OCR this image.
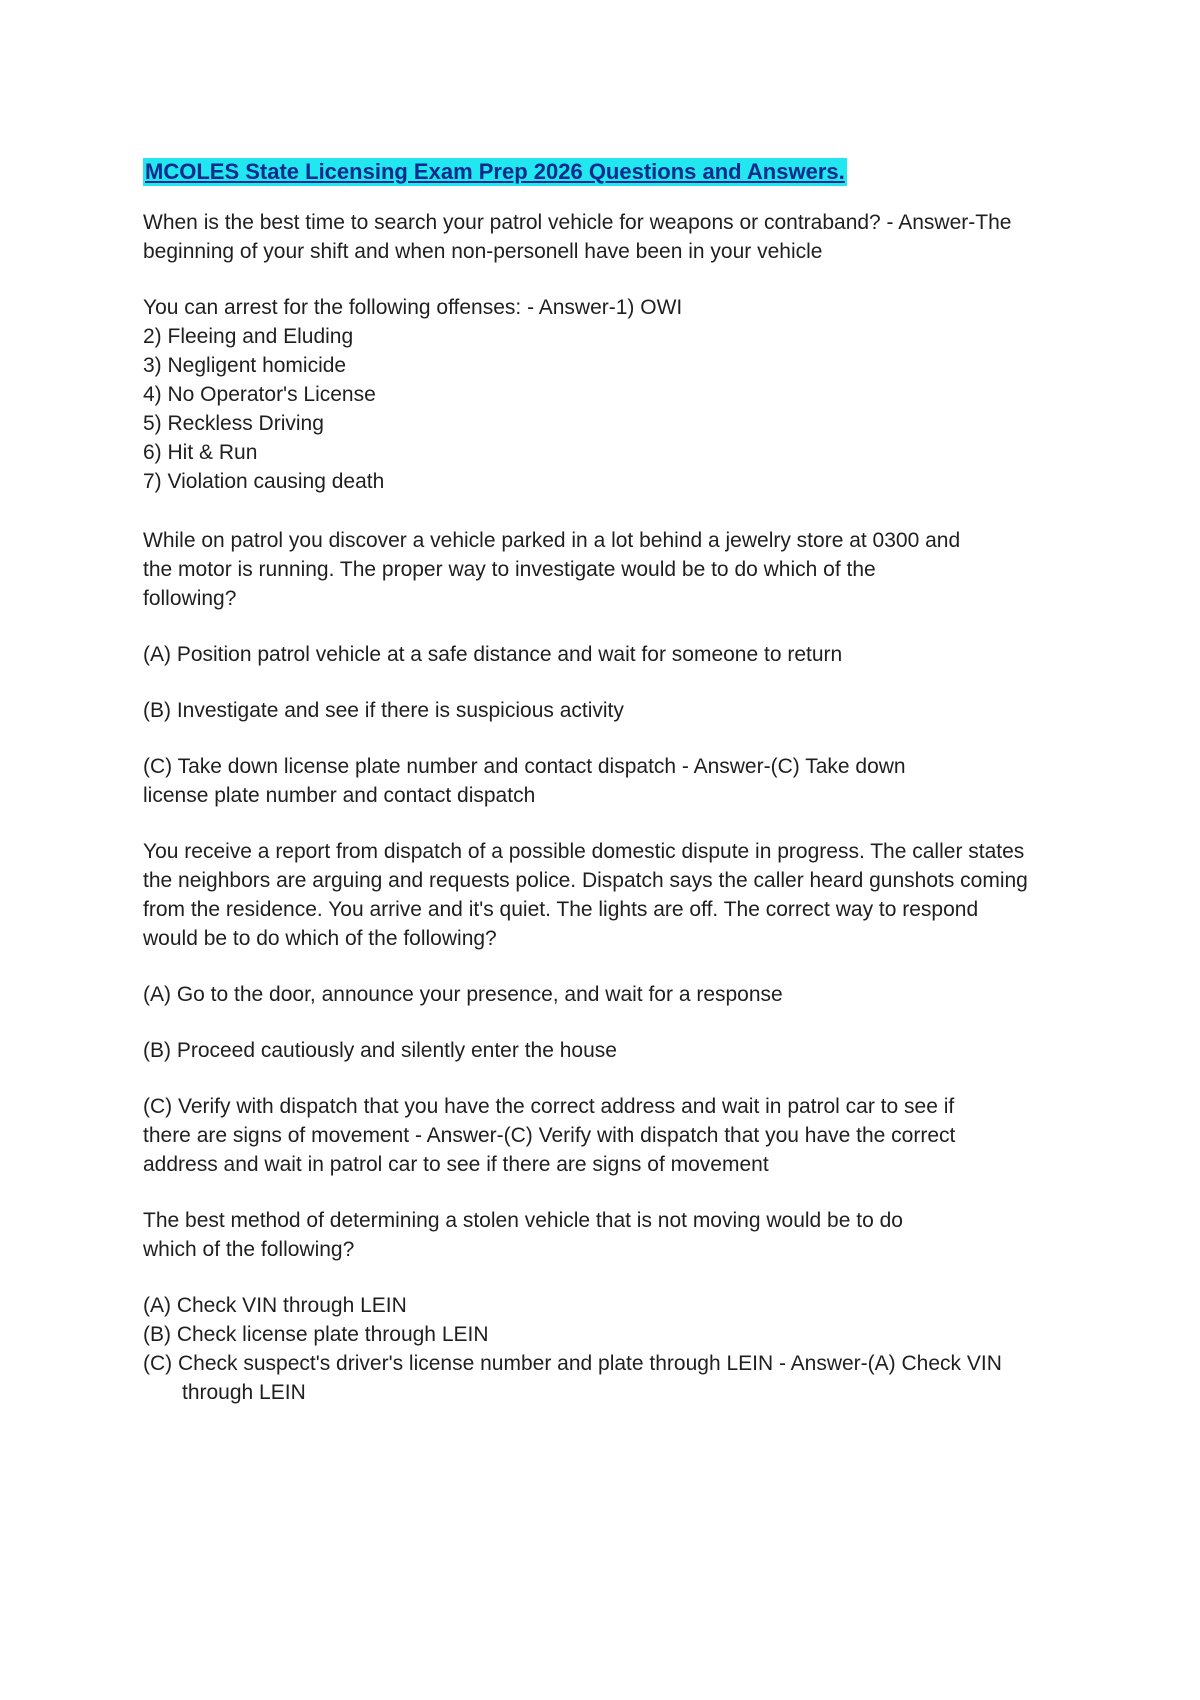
MCOLES State Licensing Exam Prep 2026 Questions and Answers.
When is the best time to search your patrol vehicle for weapons or contraband? - Answer-The
beginning of your shift and when non-personell have been in your vehicle
You can arrest for the following offenses: - Answer-1) OWI
2) Fleeing and Eluding
3) Negligent homicide
4) No Operator's License
5) Reckless Driving
6) Hit & Run
7) Violation causing death
While on patrol you discover a vehicle parked in a lot behind a jewelry store at 0300 and
the motor is running. The proper way to investigate would be to do which of the
following?
(A) Position patrol vehicle at a safe distance and wait for someone to return
(B) Investigate and see if there is suspicious activity
(C) Take down license plate number and contact dispatch - Answer-(C) Take down
license plate number and contact dispatch
You receive a report from dispatch of a possible domestic dispute in progress. The caller states
the neighbors are arguing and requests police. Dispatch says the caller heard gunshots coming
from the residence. You arrive and it's quiet. The lights are off. The correct way to respond
would be to do which of the following?
(A) Go to the door, announce your presence, and wait for a response
(B) Proceed cautiously and silently enter the house
(C) Verify with dispatch that you have the correct address and wait in patrol car to see if
there are signs of movement - Answer-(C) Verify with dispatch that you have the correct
address and wait in patrol car to see if there are signs of movement
The best method of determining a stolen vehicle that is not moving would be to do
which of the following?
(A) Check VIN through LEIN
(B) Check license plate through LEIN
(C) Check suspect's driver's license number and plate through LEIN - Answer-(A) Check VIN
through LEIN
